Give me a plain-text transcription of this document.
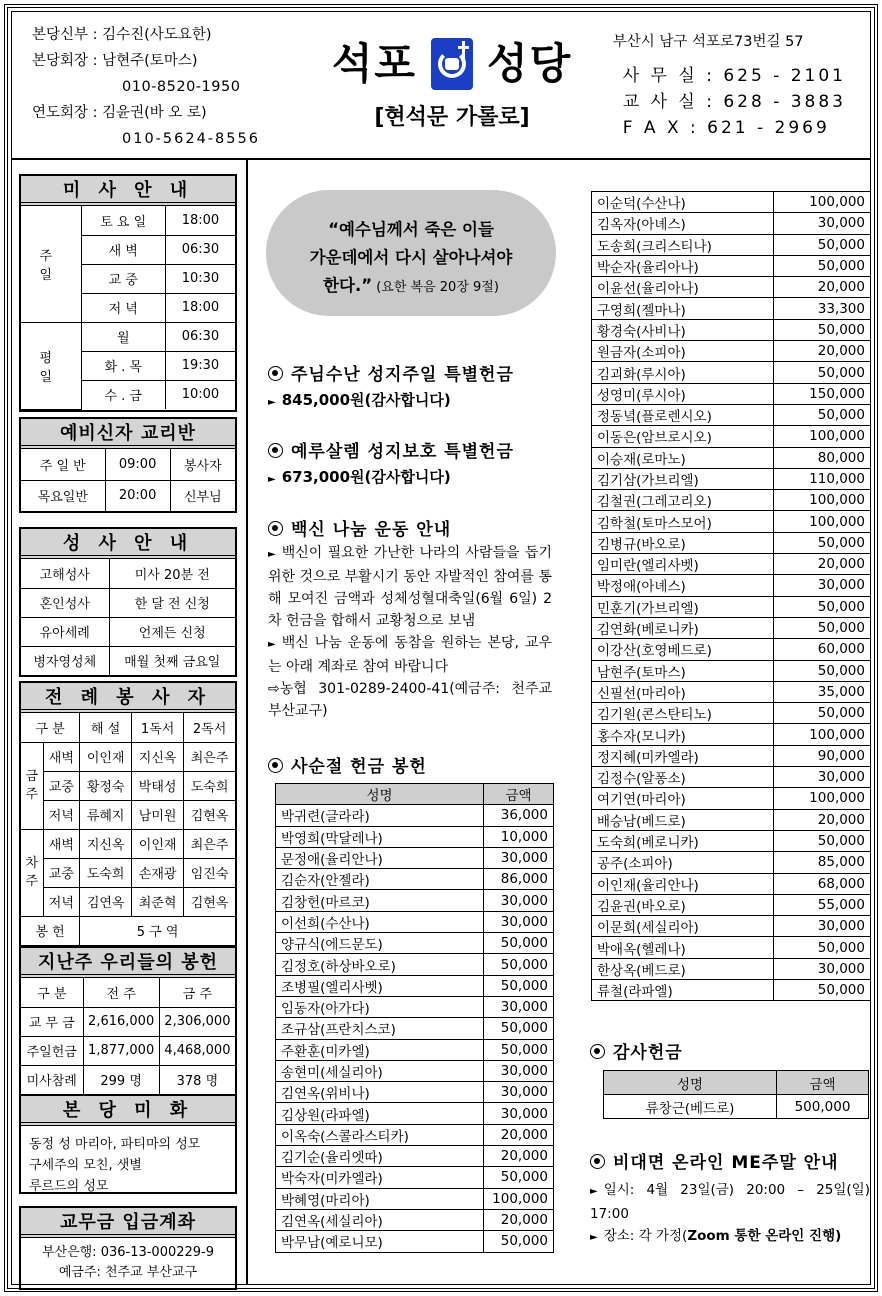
본당신부 : 김수진(사도요한)
본당회장 : 남현주(토마스)
010-8520-1950
연도회장 : 김윤권(바 오 로)
010-5624-8556
석포 성당
[현석문 가롤로]
부산시 남구 석포로73번길 57
사 무 실 : 625 - 2101
교 사 실 : 628 - 3883
F A X : 621 - 2969
미 사 안 내
주 일	토 요 일	18:00
	새 벽	06:30
	교 중	10:30
	저 녁	18:00
평 일	월	06:30
	화 . 목	19:30
	수 . 금	10:00
예비신자 교리반
주 일 반	09:00	봉사자
목요일반	20:00	신부님
성 사 안 내
고해성사	미사 20분 전
혼인성사	한 달 전 신청
유아세례	언제든 신청
병자영성체	매월 첫째 금요일
전 례 봉 사 자
구 분		해 설	1독서	2독서
금주	새벽	이인재	지신옥	최은주
	교중	황정숙	박태성	도숙희
	저녁	류혜지	남미원	김현옥
차주	새벽	지신옥	이인재	최은주
	교중	도숙희	손재광	임진숙
	저녁	김연옥	최준혁	김현옥
봉 헌		5 구 역		
지난주 우리들의 봉헌
구 분	전 주	금 주
교 무 금	2,616,000	2,306,000
주일헌금	1,877,000	4,468,000
미사참례	299 명	378 명
본 당 미 화
동정 성 마리아, 파티마의 성모
구세주의 모친, 샛별
루르드의 성모
교무금 입금계좌
부산은행: 036-13-000229-9
예금주: 천주교 부산교구
“예수님께서 죽은 이들
가운데에서 다시 살아나셔야
한다.” (요한 복음 20장 9절)
주님수난 성지주일 특별헌금
► 845,000원(감사합니다)
예루살렘 성지보호 특별헌금
► 673,000원(감사합니다)
백신 나눔 운동 안내
► 백신이 필요한 가난한 나라의 사람들을 돕기 위한 것으로 부활시기 동안 자발적인 참여를 통해 모여진 금액과 성체성혈대축일(6월 6일) 2차 헌금을 합해서 교황청으로 보냄
► 백신 나눔 운동에 동참을 원하는 본당, 교우는 아래 계좌로 참여 바랍니다
⇨농협 301-0289-2400-41(예금주: 천주교 부산교구)
사순절 헌금 봉헌
성명	금액
박귀련(글라라)	36,000
박영희(막달레나)	10,000
문정애(율리안나)	30,000
김순자(안젤라)	86,000
김창헌(마르코)	30,000
이선희(수산나)	30,000
양규식(에드문도)	50,000
김정호(하상바오로)	50,000
조병필(엘리사벳)	50,000
임동자(아가다)	30,000
조규삼(프란치스코)	50,000
주환훈(미카엘)	50,000
송현미(세실리아)	30,000
김연옥(위비나)	30,000
김상원(라파엘)	30,000
이옥숙(스콜라스티카)	20,000
김기순(율리엣따)	20,000
박숙자(미카엘라)	50,000
박혜영(마리아)	100,000
김연옥(세실리아)	20,000
박무남(예로니모)	50,000
이순덕(수산나)	100,000
김옥자(아녜스)	30,000
도송희(크리스티나)	50,000
박순자(율리아나)	50,000
이윤선(율리아나)	20,000
구영희(젤마나)	33,300
황경숙(사비나)	50,000
원금자(소피아)	20,000
김괴화(루시아)	50,000
성영미(루시아)	150,000
정동녘(플로렌시오)	50,000
이동은(암브로시오)	100,000
이승재(로마노)	80,000
김기삼(가브리엘)	110,000
김철권(그레고리오)	100,000
김학철(토마스모어)	100,000
김병규(바오로)	50,000
임미란(엘리사벳)	20,000
박정애(아녜스)	30,000
민훈기(가브리엘)	50,000
김연화(베로니카)	50,000
이강산(호영베드로)	60,000
남현주(토마스)	50,000
신필선(마리아)	35,000
김기원(콘스탄티노)	50,000
홍수자(모니카)	100,000
정지혜(미카엘라)	90,000
김정수(알퐁소)	30,000
여기연(마리아)	100,000
배승남(베드로)	20,000
도숙희(베로니카)	50,000
공주(소피아)	85,000
이인재(율리안나)	68,000
김윤권(바오로)	55,000
이문희(세실리아)	30,000
박애옥(헬레나)	50,000
한상옥(베드로)	30,000
류철(라파엘)	50,000
감사헌금
성명	금액
류창근(베드로)	500,000
비대면 온라인 ME주말 안내
► 일시: 4월 23일(금) 20:00 – 25일(일) 17:00
► 장소: 각 가정(Zoom 통한 온라인 진행)
